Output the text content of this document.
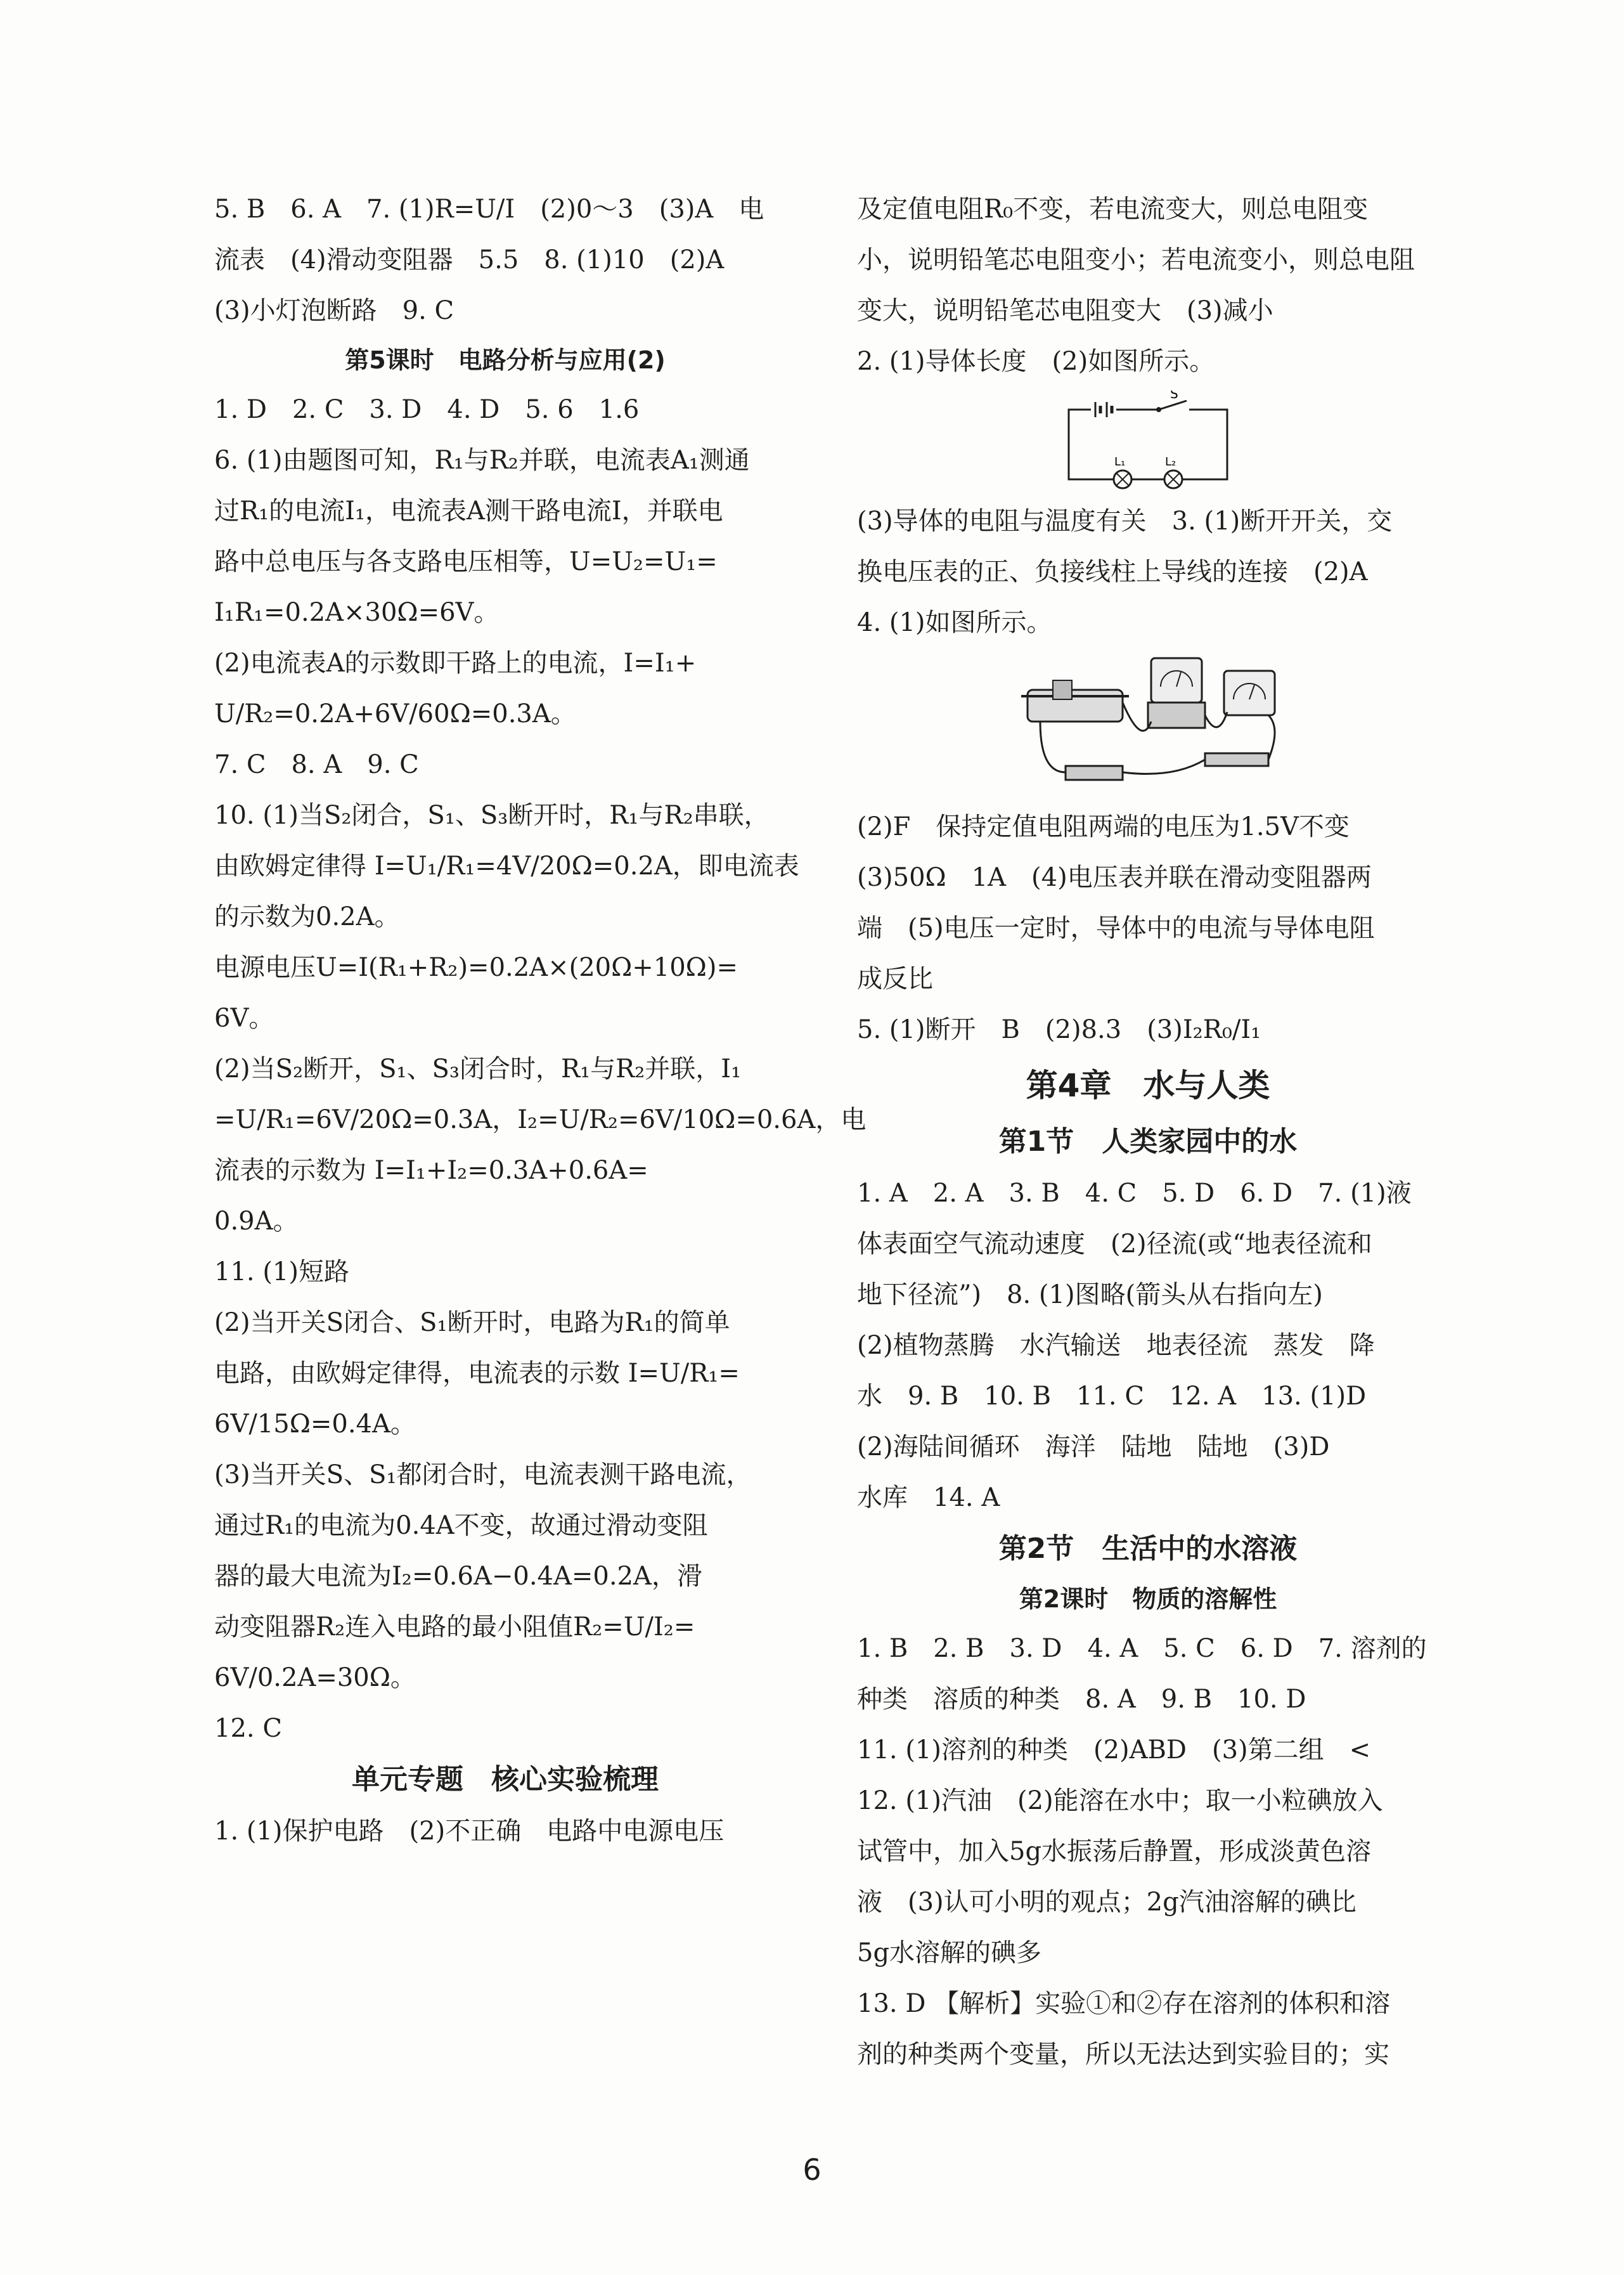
5. B　6. A　7. (1)R=U/I　(2)0～3　(3)A　电

流表　(4)滑动变阻器　5.5　8. (1)10　(2)A

(3)小灯泡断路　9. C

第5课时　电路分析与应用(2)

1. D　2. C　3. D　4. D　5. 6　1.6

6. (1)由题图可知，R₁与R₂并联，电流表A₁测通

过R₁的电流I₁，电流表A测干路电流I，并联电

路中总电压与各支路电压相等，U=U₂=U₁=

I₁R₁=0.2A×30Ω=6V。

(2)电流表A的示数即干路上的电流，I=I₁+

U/R₂=0.2A+6V/60Ω=0.3A。

7. C　8. A　9. C

10. (1)当S₂闭合，S₁、S₃断开时，R₁与R₂串联，

由欧姆定律得 I=U₁/R₁=4V/20Ω=0.2A，即电流表

的示数为0.2A。

电源电压U=I(R₁+R₂)=0.2A×(20Ω+10Ω)=

6V。

(2)当S₂断开，S₁、S₃闭合时，R₁与R₂并联，I₁

=U/R₁=6V/20Ω=0.3A，I₂=U/R₂=6V/10Ω=0.6A，电

流表的示数为 I=I₁+I₂=0.3A+0.6A=

0.9A。

11. (1)短路

(2)当开关S闭合、S₁断开时，电路为R₁的简单

电路，由欧姆定律得，电流表的示数 I=U/R₁=

6V/15Ω=0.4A。

(3)当开关S、S₁都闭合时，电流表测干路电流，

通过R₁的电流为0.4A不变，故通过滑动变阻

器的最大电流为I₂=0.6A−0.4A=0.2A，滑

动变阻器R₂连入电路的最小阻值R₂=U/I₂=

6V/0.2A=30Ω。

12. C

单元专题　核心实验梳理

1. (1)保护电路　(2)不正确　电路中电源电压

及定值电阻R₀不变，若电流变大，则总电阻变

小，说明铅笔芯电阻变小；若电流变小，则总电阻

变大，说明铅笔芯电阻变大　(3)减小

2. (1)导体长度　(2)如图所示。

(3)导体的电阻与温度有关　3. (1)断开开关，交

换电压表的正、负接线柱上导线的连接　(2)A

4. (1)如图所示。

(2)F　保持定值电阻两端的电压为1.5V不变

(3)50Ω　1A　(4)电压表并联在滑动变阻器两

端　(5)电压一定时，导体中的电流与导体电阻

成反比

5. (1)断开　B　(2)8.3　(3)I₂R₀/I₁

第4章　水与人类

第1节　人类家园中的水

1. A　2. A　3. B　4. C　5. D　6. D　7. (1)液

体表面空气流动速度　(2)径流(或“地表径流和

地下径流”)　8. (1)图略(箭头从右指向左)

(2)植物蒸腾　水汽输送　地表径流　蒸发　降

水　9. B　10. B　11. C　12. A　13. (1)D

(2)海陆间循环　海洋　陆地　陆地　(3)D

水库　14. A

第2节　生活中的水溶液

第2课时　物质的溶解性

1. B　2. B　3. D　4. A　5. C　6. D　7. 溶剂的

种类　溶质的种类　8. A　9. B　10. D

11. (1)溶剂的种类　(2)ABD　(3)第二组　<

12. (1)汽油　(2)能溶在水中；取一小粒碘放入

试管中，加入5g水振荡后静置，形成淡黄色溶

液　(3)认可小明的观点；2g汽油溶解的碘比

5g水溶解的碘多

13. D 【解析】实验①和②存在溶剂的体积和溶

剂的种类两个变量，所以无法达到实验目的；实

6
